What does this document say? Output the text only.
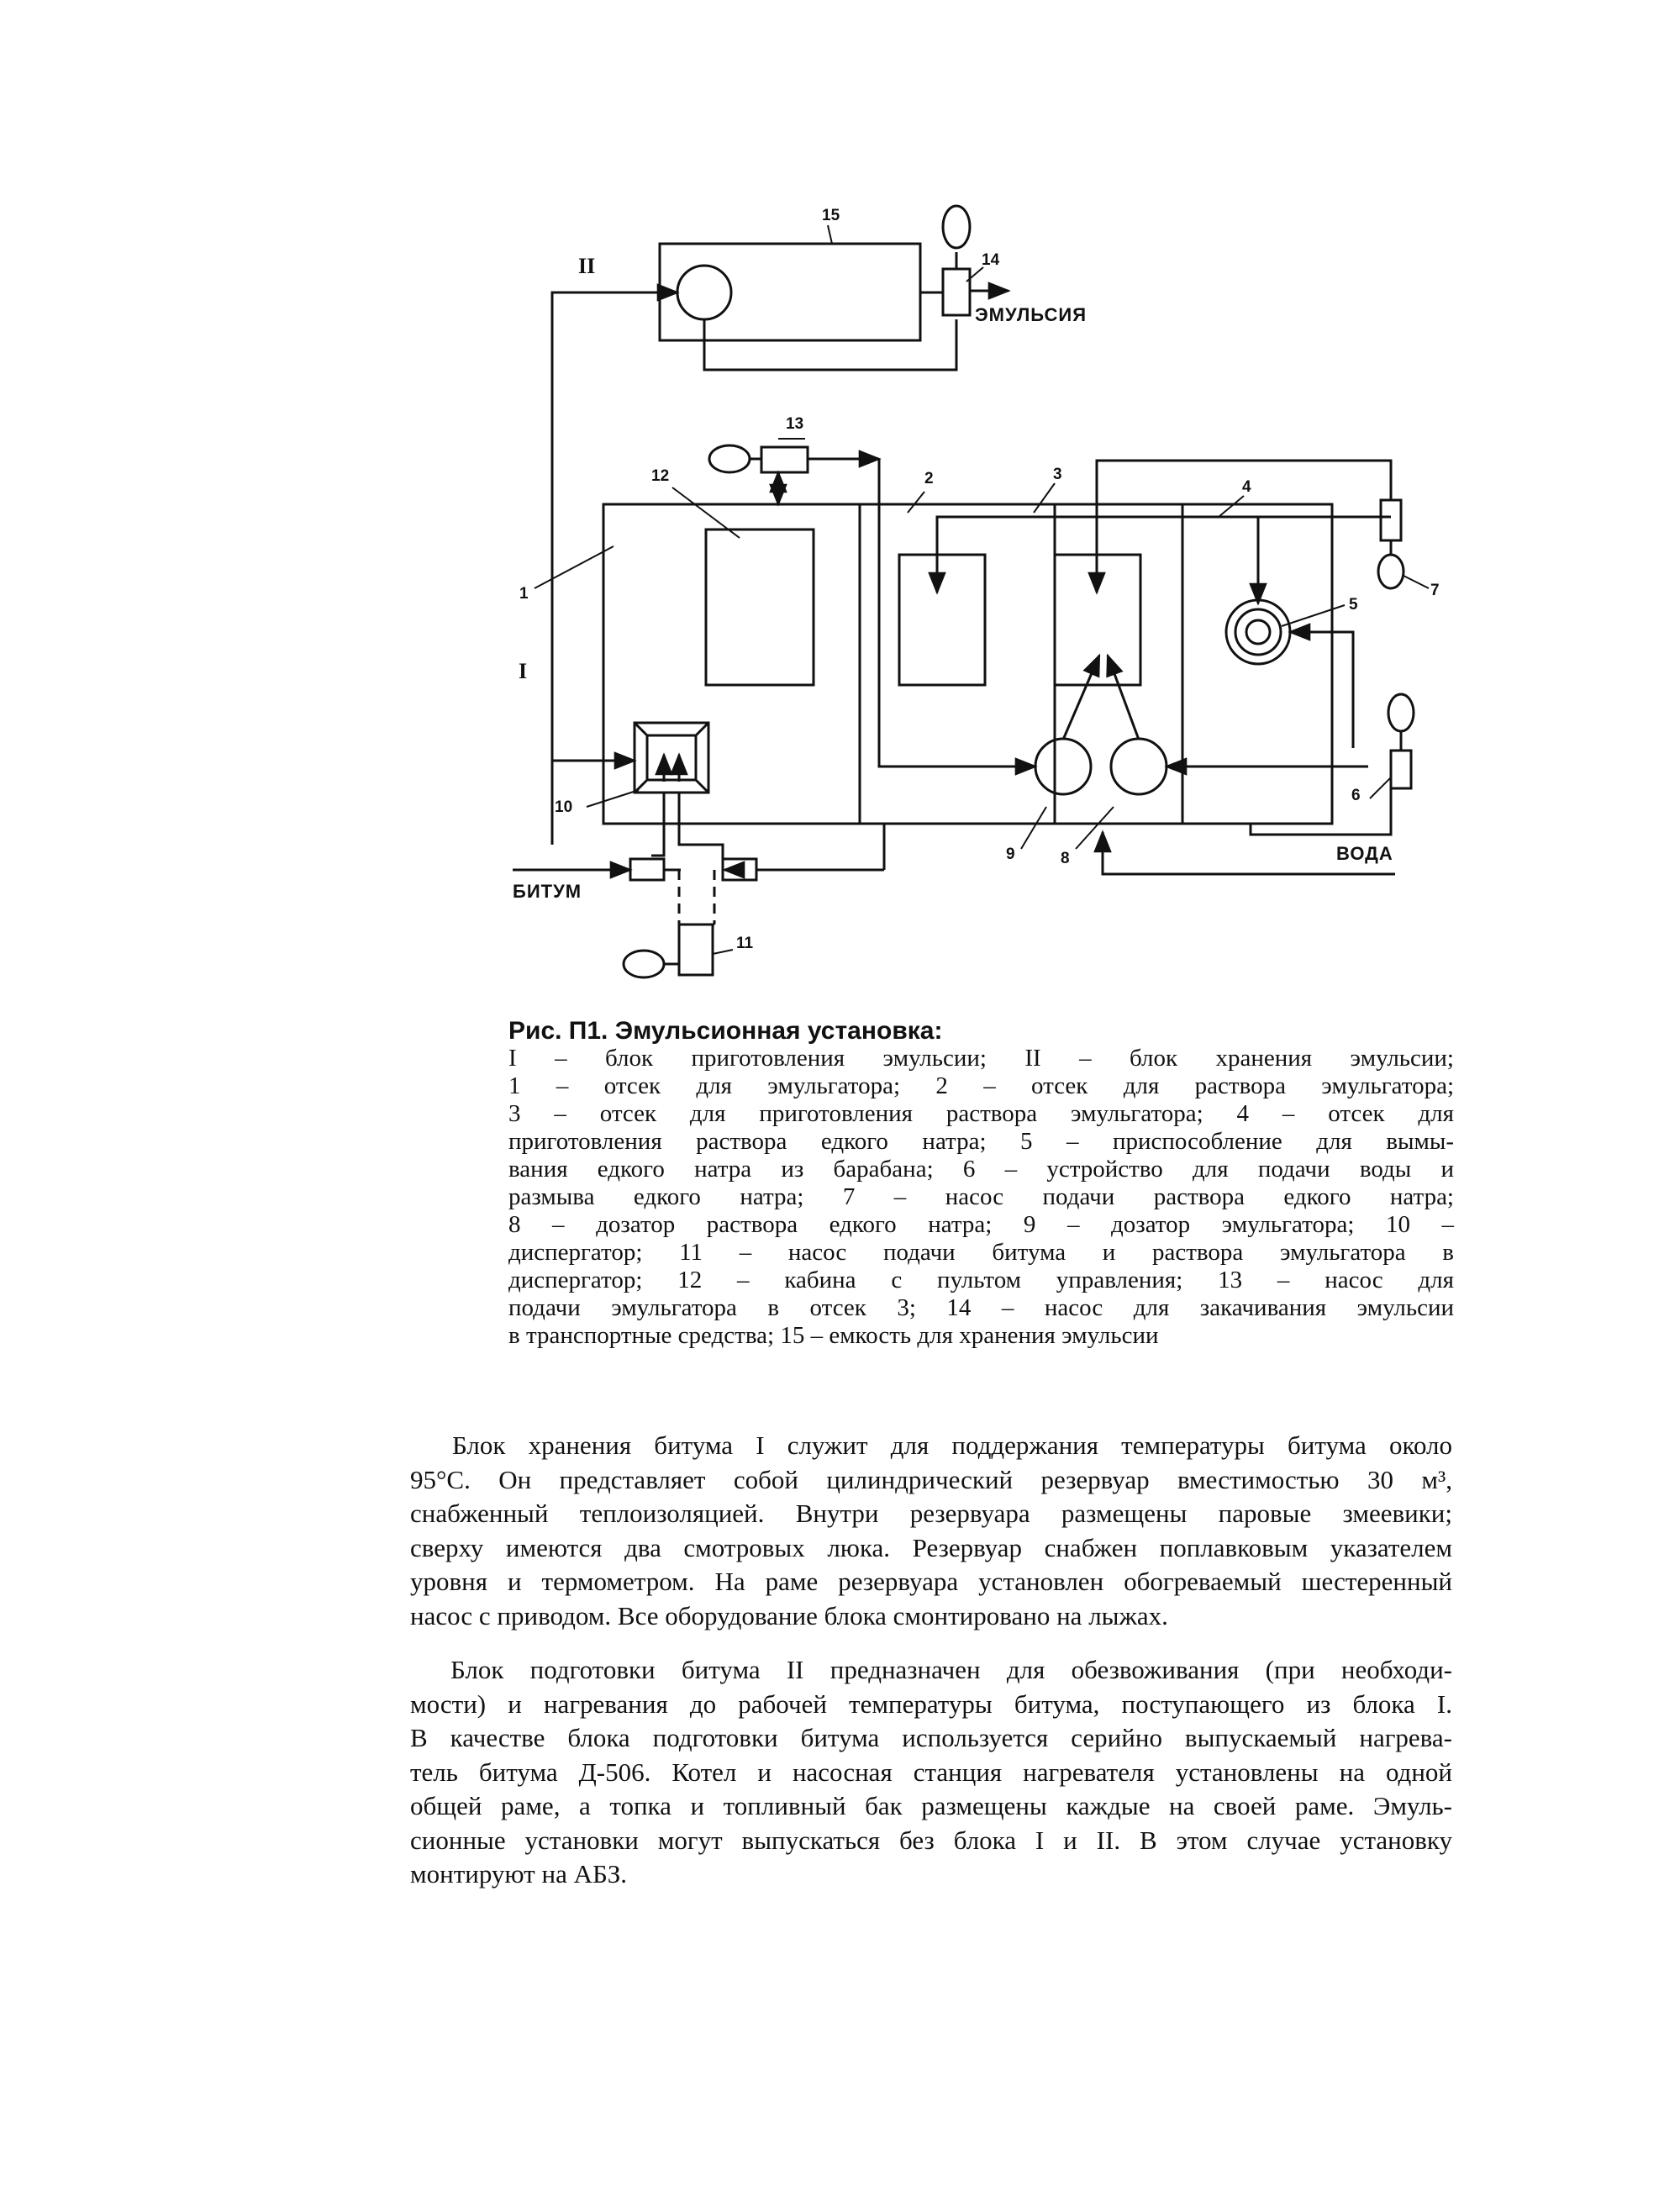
15
14
ЭМУЛЬСИЯ
II
13
12	2	3
4
1
5
7
I
10
6
9	8	ВОДА
БИТУМ
11
Рис. П1. Эмульсионная установка:
I – блок приготовления эмульсии; II – блок хранения эмульсии;
1 – отсек для эмульгатора; 2 – отсек для раствора эмульгатора;
3 – отсек для приготовления раствора эмульгатора; 4 – отсек для
приготовления раствора едкого натра; 5 – приспособление для вымы-
вания едкого натра из барабана; 6 – устройство для подачи воды и
размыва едкого натра; 7 – насос подачи раствора едкого натра;
8 – дозатор раствора едкого натра; 9 – дозатор эмульгатора; 10 –
диспергатор; 11 – насос подачи битума и раствора эмульгатора в
диспергатор; 12 – кабина с пультом управления; 13 – насос для
подачи эмульгатора в отсек 3; 14 – насос для закачивания эмульсии
в транспортные средства; 15 – емкость для хранения эмульсии

Блок хранения битума I служит для поддержания температуры битума около
95°С. Он представляет собой цилиндрический резервуар вместимостью 30 м³,
снабженный теплоизоляцией. Внутри резервуара размещены паровые змеевики;
сверху имеются два смотровых люка. Резервуар снабжен поплавковым указателем
уровня и термометром. На раме резервуара установлен обогреваемый шестеренный
насос с приводом. Все оборудование блока смонтировано на лыжах.

Блок подготовки битума II предназначен для обезвоживания (при необходи-
мости) и нагревания до рабочей температуры битума, поступающего из блока I.
В качестве блока подготовки битума используется серийно выпускаемый нагрева-
тель битума Д-506. Котел и насосная станция нагревателя установлены на одной
общей раме, а топка и топливный бак размещены каждые на своей раме. Эмуль-
сионные установки могут выпускаться без блока I и II. В этом случае установку
монтируют на АБЗ.
